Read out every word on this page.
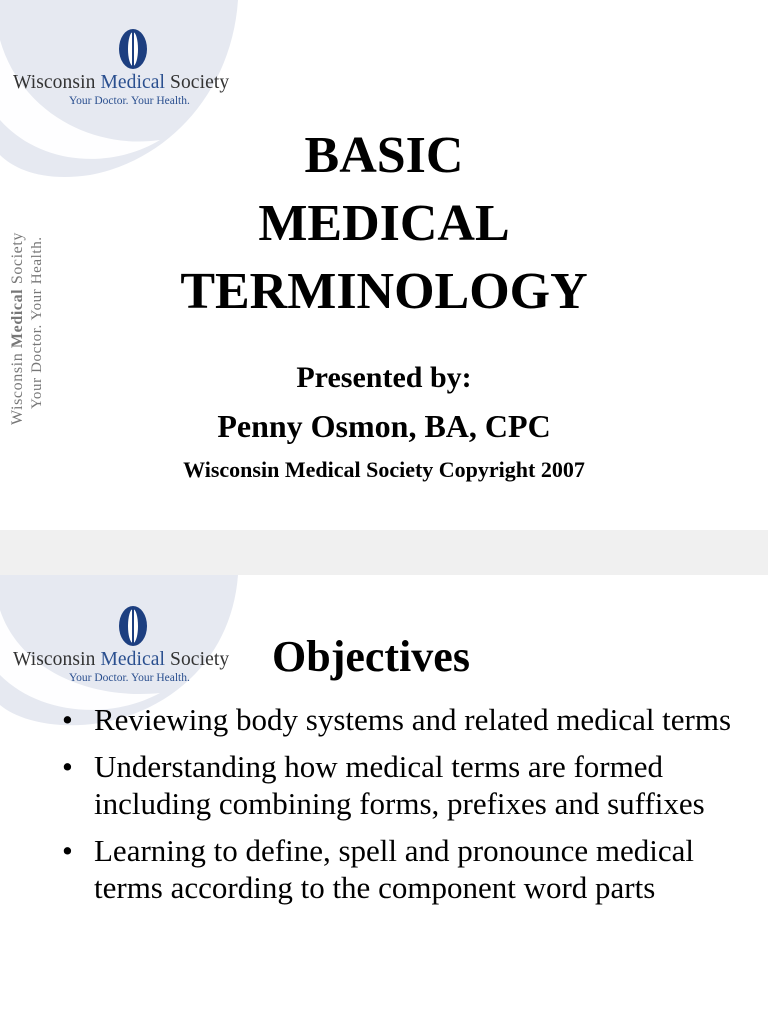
Wisconsin Medical Society
Your Doctor. Your Health.
Wisconsin Medical Society Your Doctor. Your Health.
BASIC
MEDICAL
TERMINOLOGY
Presented by:
Penny Osmon, BA, CPC
Wisconsin Medical Society Copyright 2007
Wisconsin Medical Society
Your Doctor. Your Health. Objectives
• Reviewing body systems and related medical terms
• Understanding how medical terms are formed including combining forms, prefixes and suffixes
• Learning to define, spell and pronounce medical terms according to the component word parts
